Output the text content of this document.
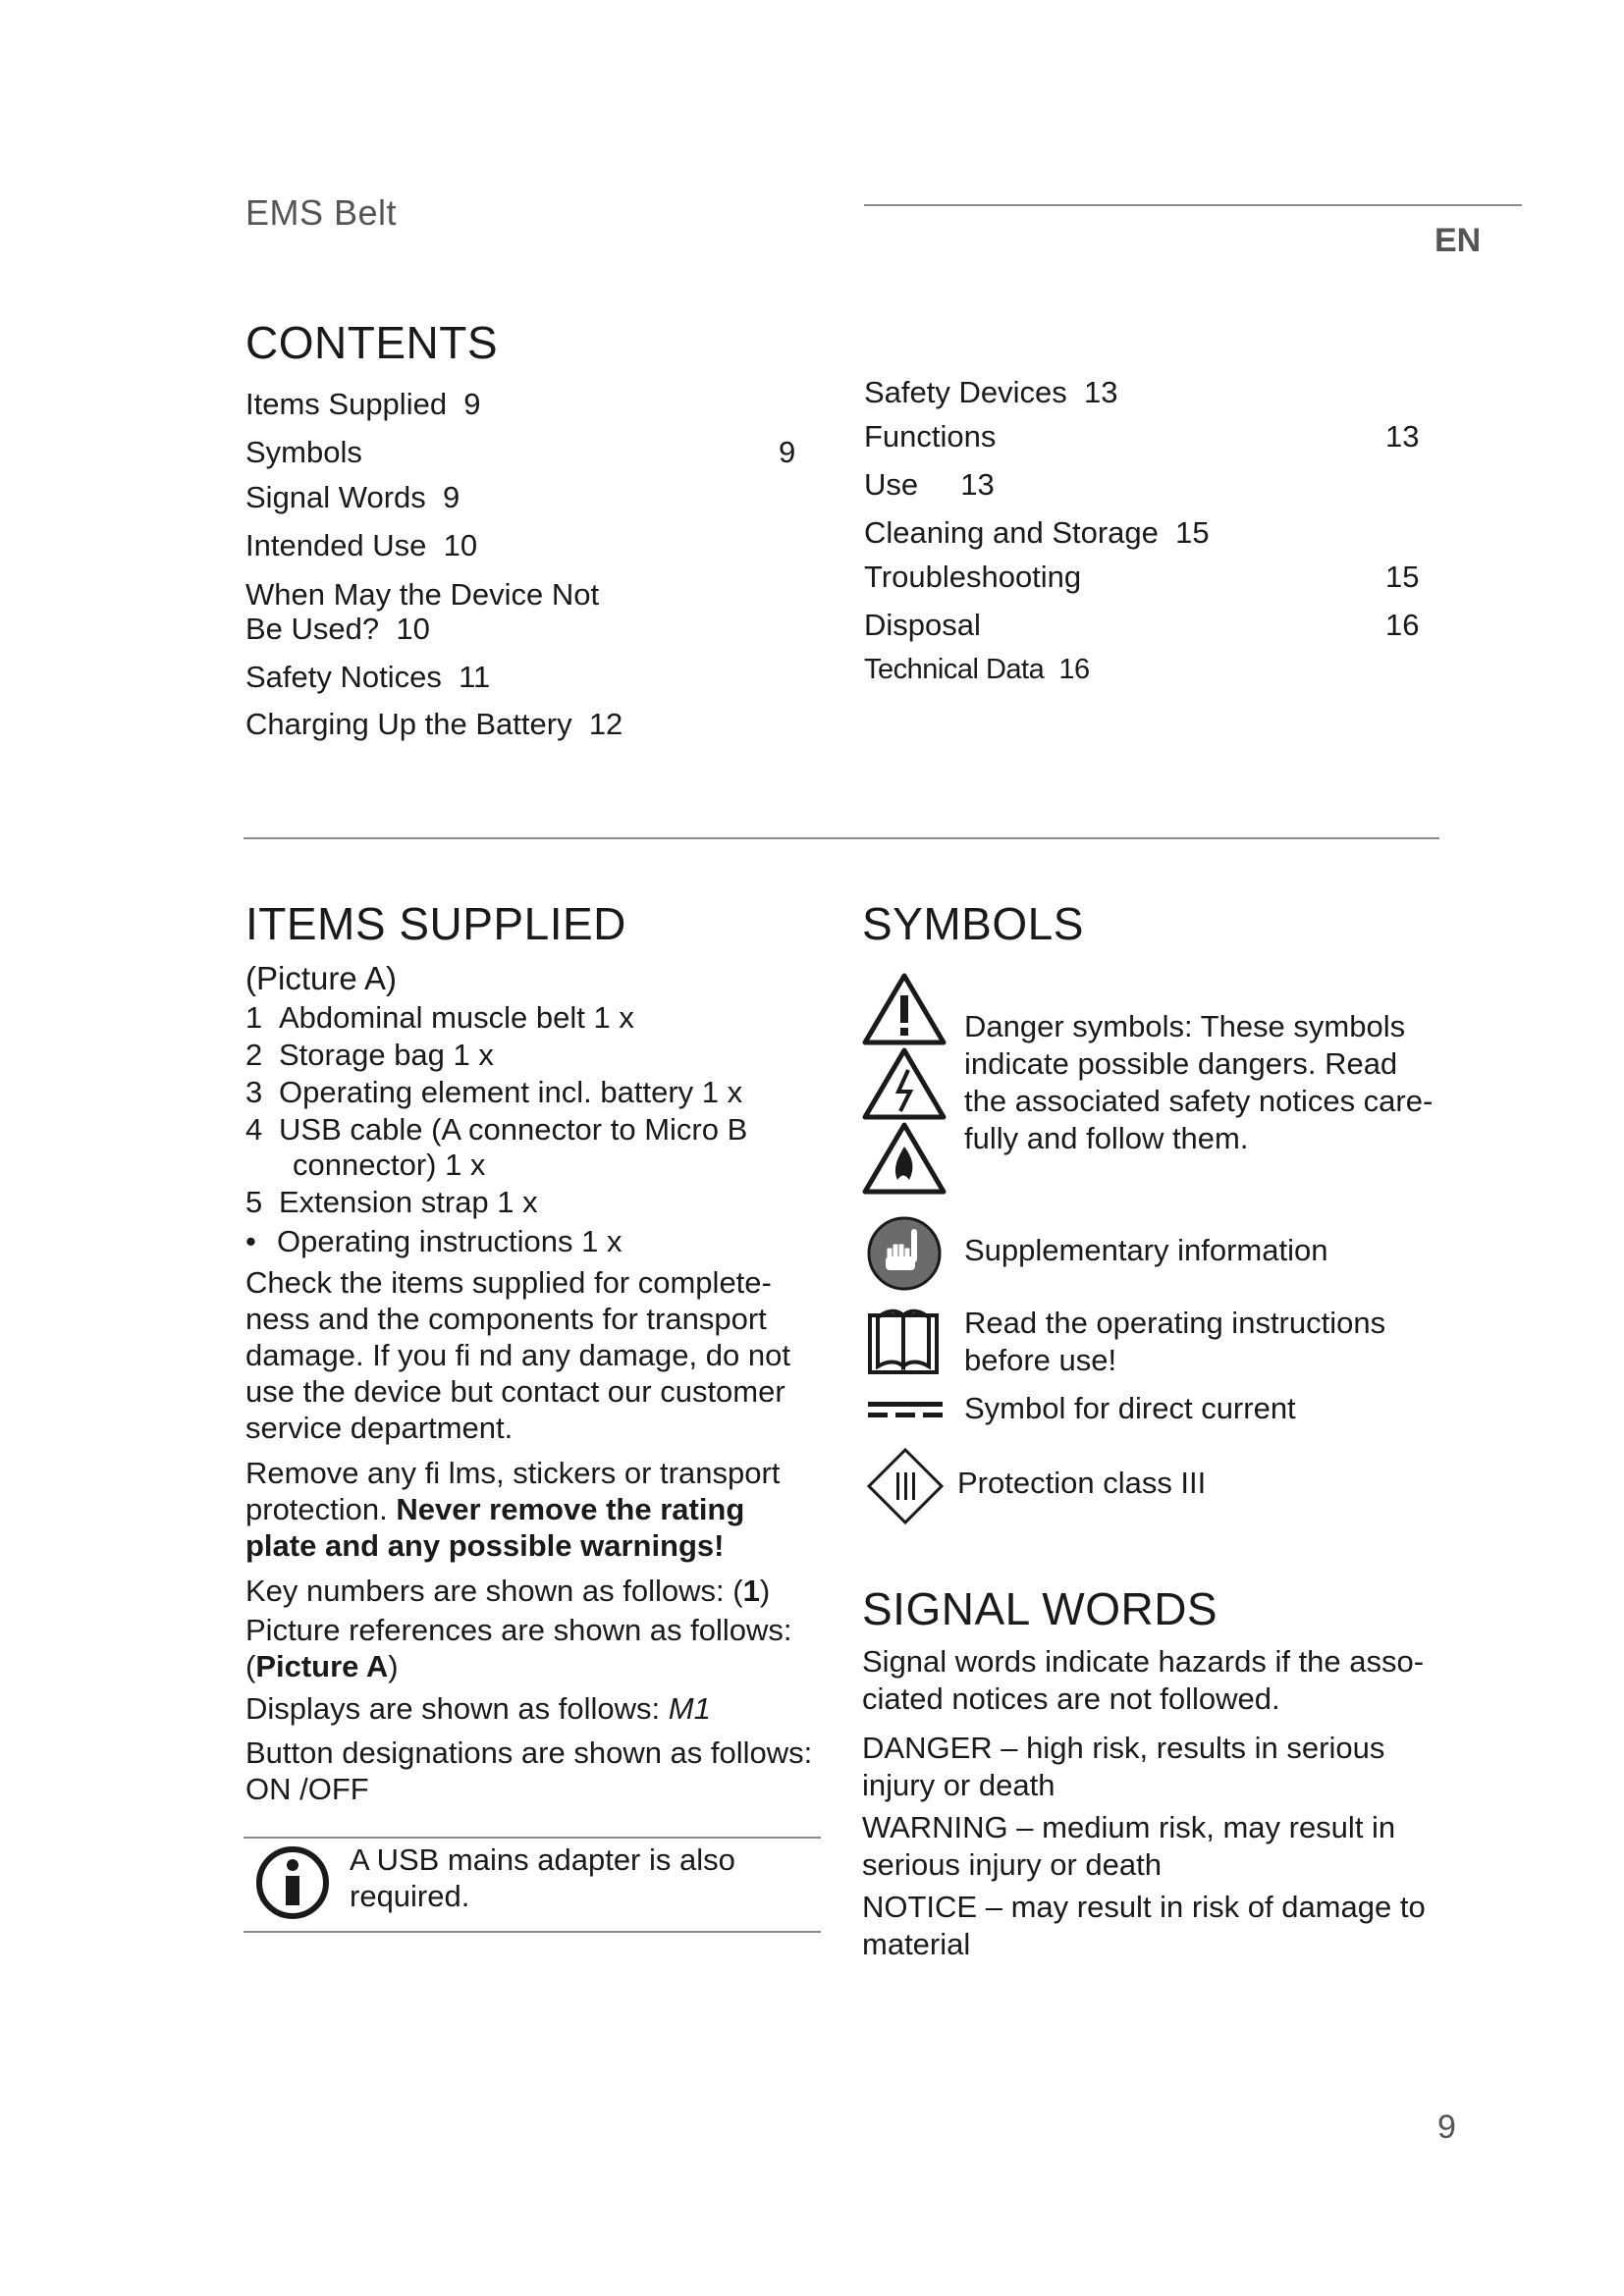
EMS Belt
EN
CONTENTS
Items Supplied 9
Symbols	9
Signal Words 9
Intended Use 10
When May the Device Not
Be Used? 10
Safety Notices 11
Charging Up the Battery 12
Safety Devices 13
Functions	13
Use 13
Cleaning and Storage 15
Troubleshooting	15
Disposal	16
Technical Data 16
ITEMS SUPPLIED
(Picture A)
1 Abdominal muscle belt 1 x
2 Storage bag 1 x
3 Operating element incl. battery 1 x
4 USB cable (A connector to Micro B
connector) 1 x
5 Extension strap 1 x
• Operating instructions 1 x
Check the items supplied for complete-
ness and the components for transport
damage. If you fi nd any damage, do not
use the device but contact our customer
service department.
Remove any fi lms, stickers or transport
protection. Never remove the rating
plate and any possible warnings!
Key numbers are shown as follows: (1)
Picture references are shown as follows:
(Picture A)
Displays are shown as follows: M1
Button designations are shown as follows:
ON /OFF
A USB mains adapter is also
required.
SYMBOLS
Danger symbols: These symbols
indicate possible dangers. Read
the associated safety notices care-
fully and follow them.
Supplementary information
Read the operating instructions
before use!
Symbol for direct current
Protection class III
SIGNAL WORDS
Signal words indicate hazards if the asso-
ciated notices are not followed.
DANGER – high risk, results in serious
injury or death
WARNING – medium risk, may result in
serious injury or death
NOTICE – may result in risk of damage to
material
9
